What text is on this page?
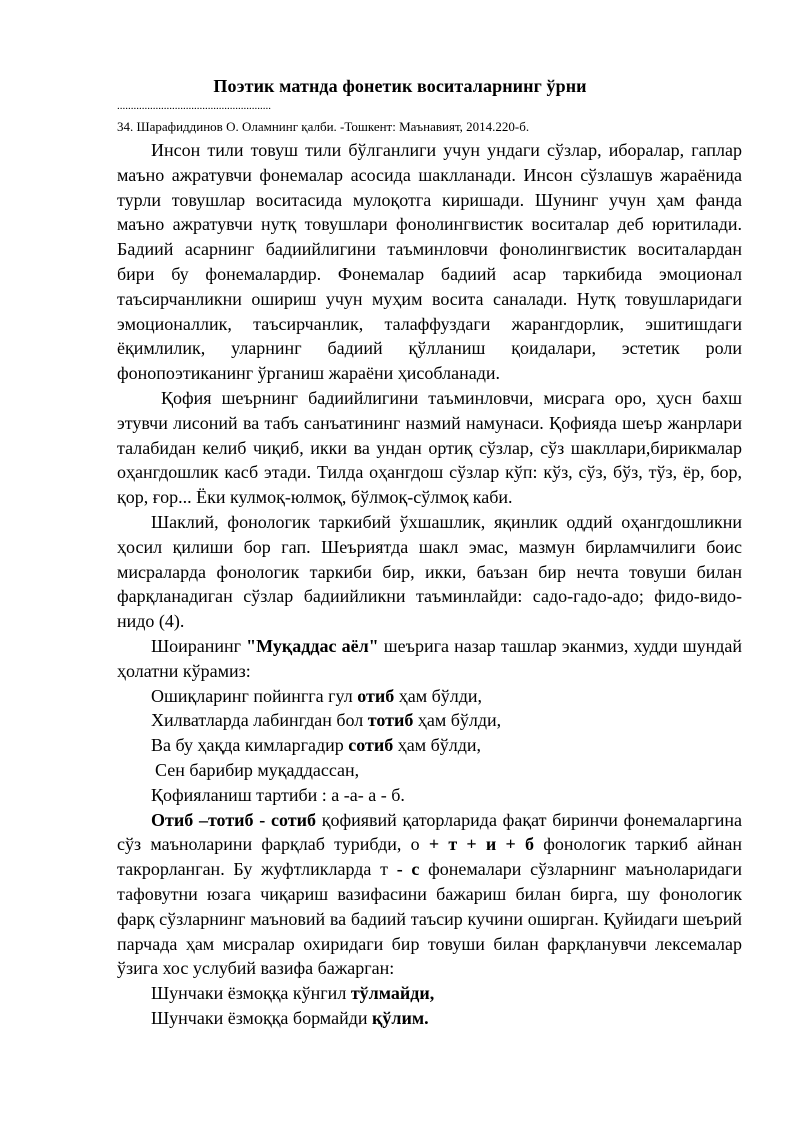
Поэтик матнда фонетик воситаларнинг ўрни
........................................................
34. Шарафиддинов О. Оламнинг қалби. -Тошкент: Маънавият, 2014.220-б.

Инсон тили товуш тили бўлганлиги учун ундаги сўзлар, иборалар, гаплар маъно ажратувчи фонемалар асосида шаклланади. Инсон сўзлашув жараёнида турли товушлар воситасида мулоқотга киришади. Шунинг учун ҳам фанда маъно ажратувчи нутқ товушлари фонолингвистик воситалар деб юритилади. Бадиий асарнинг бадиийлигини таъминловчи фонолингвистик воситалардан бири бу фонемалардир. Фонемалар бадиий асар таркибида эмоционал таъсирчанликни ошириш учун муҳим восита саналади. Нутқ товушларидаги эмоционаллик, таъсирчанлик, талаффуздаги жарангдорлик, эшитишдаги ёқимлилик, уларнинг бадиий қўлланиш қоидалари, эстетик роли фонопоэтиканинг ўрганиш жараёни ҳисобланади.

Қофия шеърнинг бадиийлигини таъминловчи, мисрага оро, ҳусн бахш этувчи лисоний ва табъ санъатининг назмий намунаси. Қофияда шеър жанрлари талабидан келиб чиқиб, икки ва ундан ортиқ сўзлар, сўз шакллари,бирикмалар оҳангдошлик касб этади. Тилда оҳангдош сўзлар кўп: кўз, сўз, бўз, тўз, ёр, бор, қор, ғор... Ёки кулмоқ-юлмоқ, бўлмоқ-сўлмоқ каби.

Шаклий, фонологик таркибий ўхшашлик, яқинлик оддий оҳангдошликни ҳосил қилиши бор гап. Шеъриятда шакл эмас, мазмун бирламчилиги боис мисраларда фонологик таркиби бир, икки, баъзан бир нечта товуши билан фарқланадиган сўзлар бадиийликни таъминлайди: садо-гадо-адо; фидо-видо-нидо (4).

Шоиранинг "Муқаддас аёл" шеърига назар ташлар эканмиз, худди шундай ҳолатни кўрамиз:

Ошиқларинг пойингга гул отиб ҳам бўлди,
Хилватларда лабингдан бол тотиб ҳам бўлди,
Ва бу ҳақда кимларгадир сотиб ҳам бўлди,
Сен барибир муқаддассан,
Қофияланиш тартиби : а -а- а - б.

Отиб –тотиб - сотиб қофиявий қаторларида фақат биринчи фонемаларгина сўз маъноларини фарқлаб турибди, о + т + и + б фонологик таркиб айнан такрорланган. Бу жуфтликларда т - с фонемалари сўзларнинг маъноларидаги тафовутни юзага чиқариш вазифасини бажариш билан бирга, шу фонологик фарқ сўзларнинг маъновий ва бадиий таъсир кучини оширган. Қуйидаги шеърий парчада ҳам мисралар охиридаги бир товуши билан фарқланувчи лексемалар ўзига хос услубий вазифа бажарган:

Шунчаки ёзмоққа кўнгил тўлмайди,
Шунчаки ёзмоққа бормайди қўлим.
